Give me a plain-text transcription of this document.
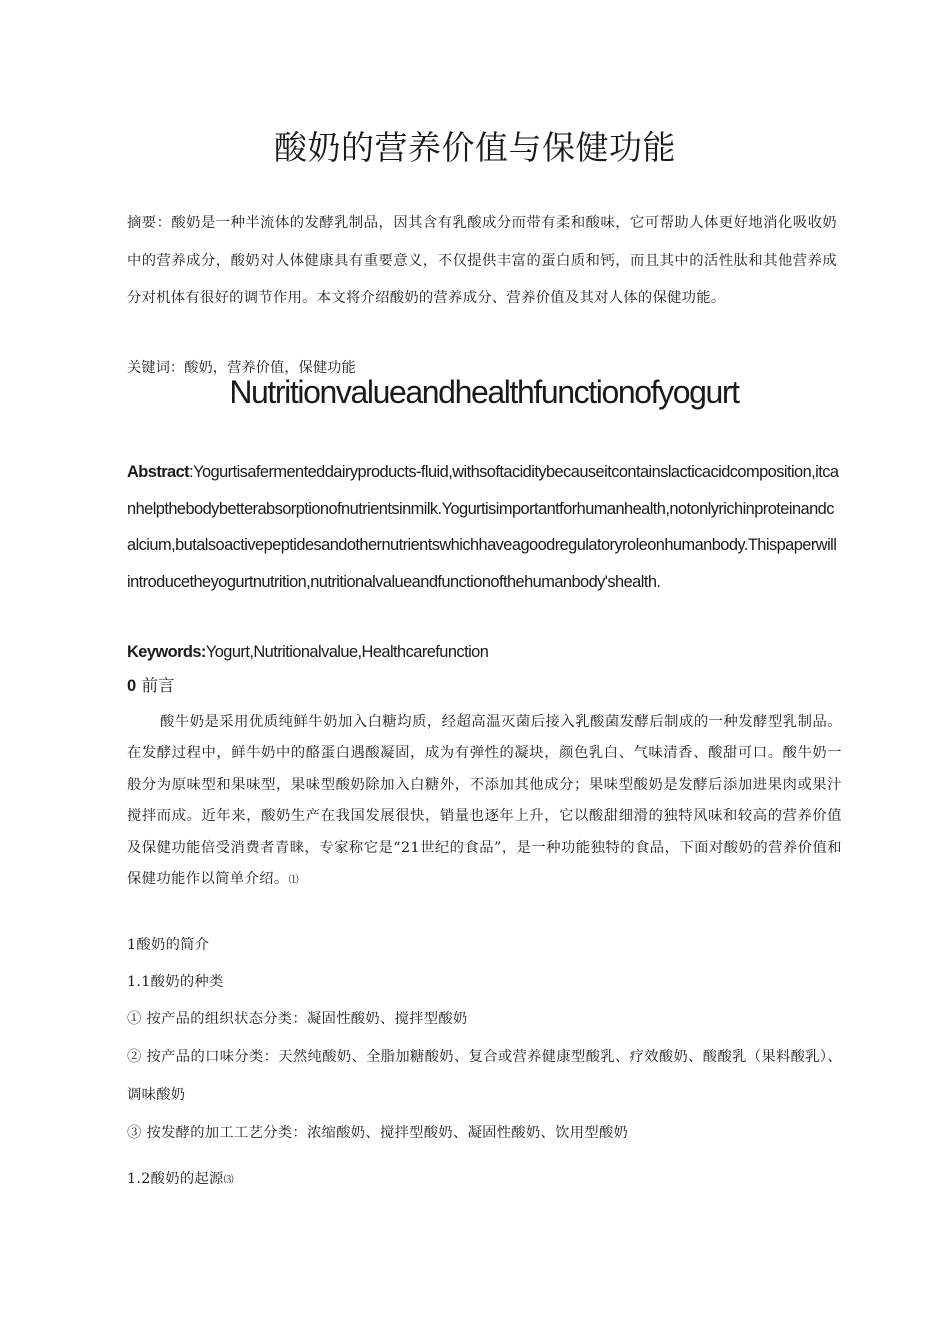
酸奶的营养价值与保健功能
摘要：酸奶是一种半流体的发酵乳制品，因其含有乳酸成分而带有柔和酸味，它可帮助人体更好地消化吸收奶中的营养成分，酸奶对人体健康具有重要意义，不仅提供丰富的蛋白质和钙，而且其中的活性肽和其他营养成分对机体有很好的调节作用。本文将介绍酸奶的营养成分、营养价值及其对人体的保健功能。
关键词：酸奶，营养价值，保健功能
Nutritionvalueandhealthfunctionofyogurt
Abstract:Yogurtisafermenteddairyproducts-fluid,withsoftaciditybecauseitcontainslacticacidcomposition,itcanhelpthebodybetterabsorptionofnutrientsinmilk.Yogurtisimportantforhumanhealth,notonlyrichinproteinandcalcium,butalsoactivepeptidesandothernutrientswhichhaveagoodregulatoryroleonhumanbody.Thispaperwillintroducetheyogurtnutrition,nutritionalvalueandfunctionofthehumanbody'shealth.
Keywords:Yogurt,Nutritionalvalue,Healthcarefunction
0 前言
酸牛奶是采用优质纯鲜牛奶加入白糖均质，经超高温灭菌后接入乳酸菌发酵后制成的一种发酵型乳制品。在发酵过程中，鲜牛奶中的酪蛋白遇酸凝固，成为有弹性的凝块，颜色乳白、气味清香、酸甜可口。酸牛奶一般分为原味型和果味型，果味型酸奶除加入白糖外，不添加其他成分；果味型酸奶是发酵后添加进果肉或果汁搅拌而成。近年来，酸奶生产在我国发展很快，销量也逐年上升，它以酸甜细滑的独特风味和较高的营养价值及保健功能倍受消费者青睐，专家称它是“21世纪的食品”，是一种功能独特的食品，下面对酸奶的营养价值和保健功能作以简单介绍。⑴
1酸奶的简介
1.1酸奶的种类
① 按产品的组织状态分类：凝固性酸奶、搅拌型酸奶
② 按产品的口味分类：天然纯酸奶、全脂加糖酸奶、复合或营养健康型酸乳、疗效酸奶、酸酸乳（果料酸乳）、调味酸奶
③ 按发酵的加工工艺分类：浓缩酸奶、搅拌型酸奶、凝固性酸奶、饮用型酸奶
1.2酸奶的起源⑶
